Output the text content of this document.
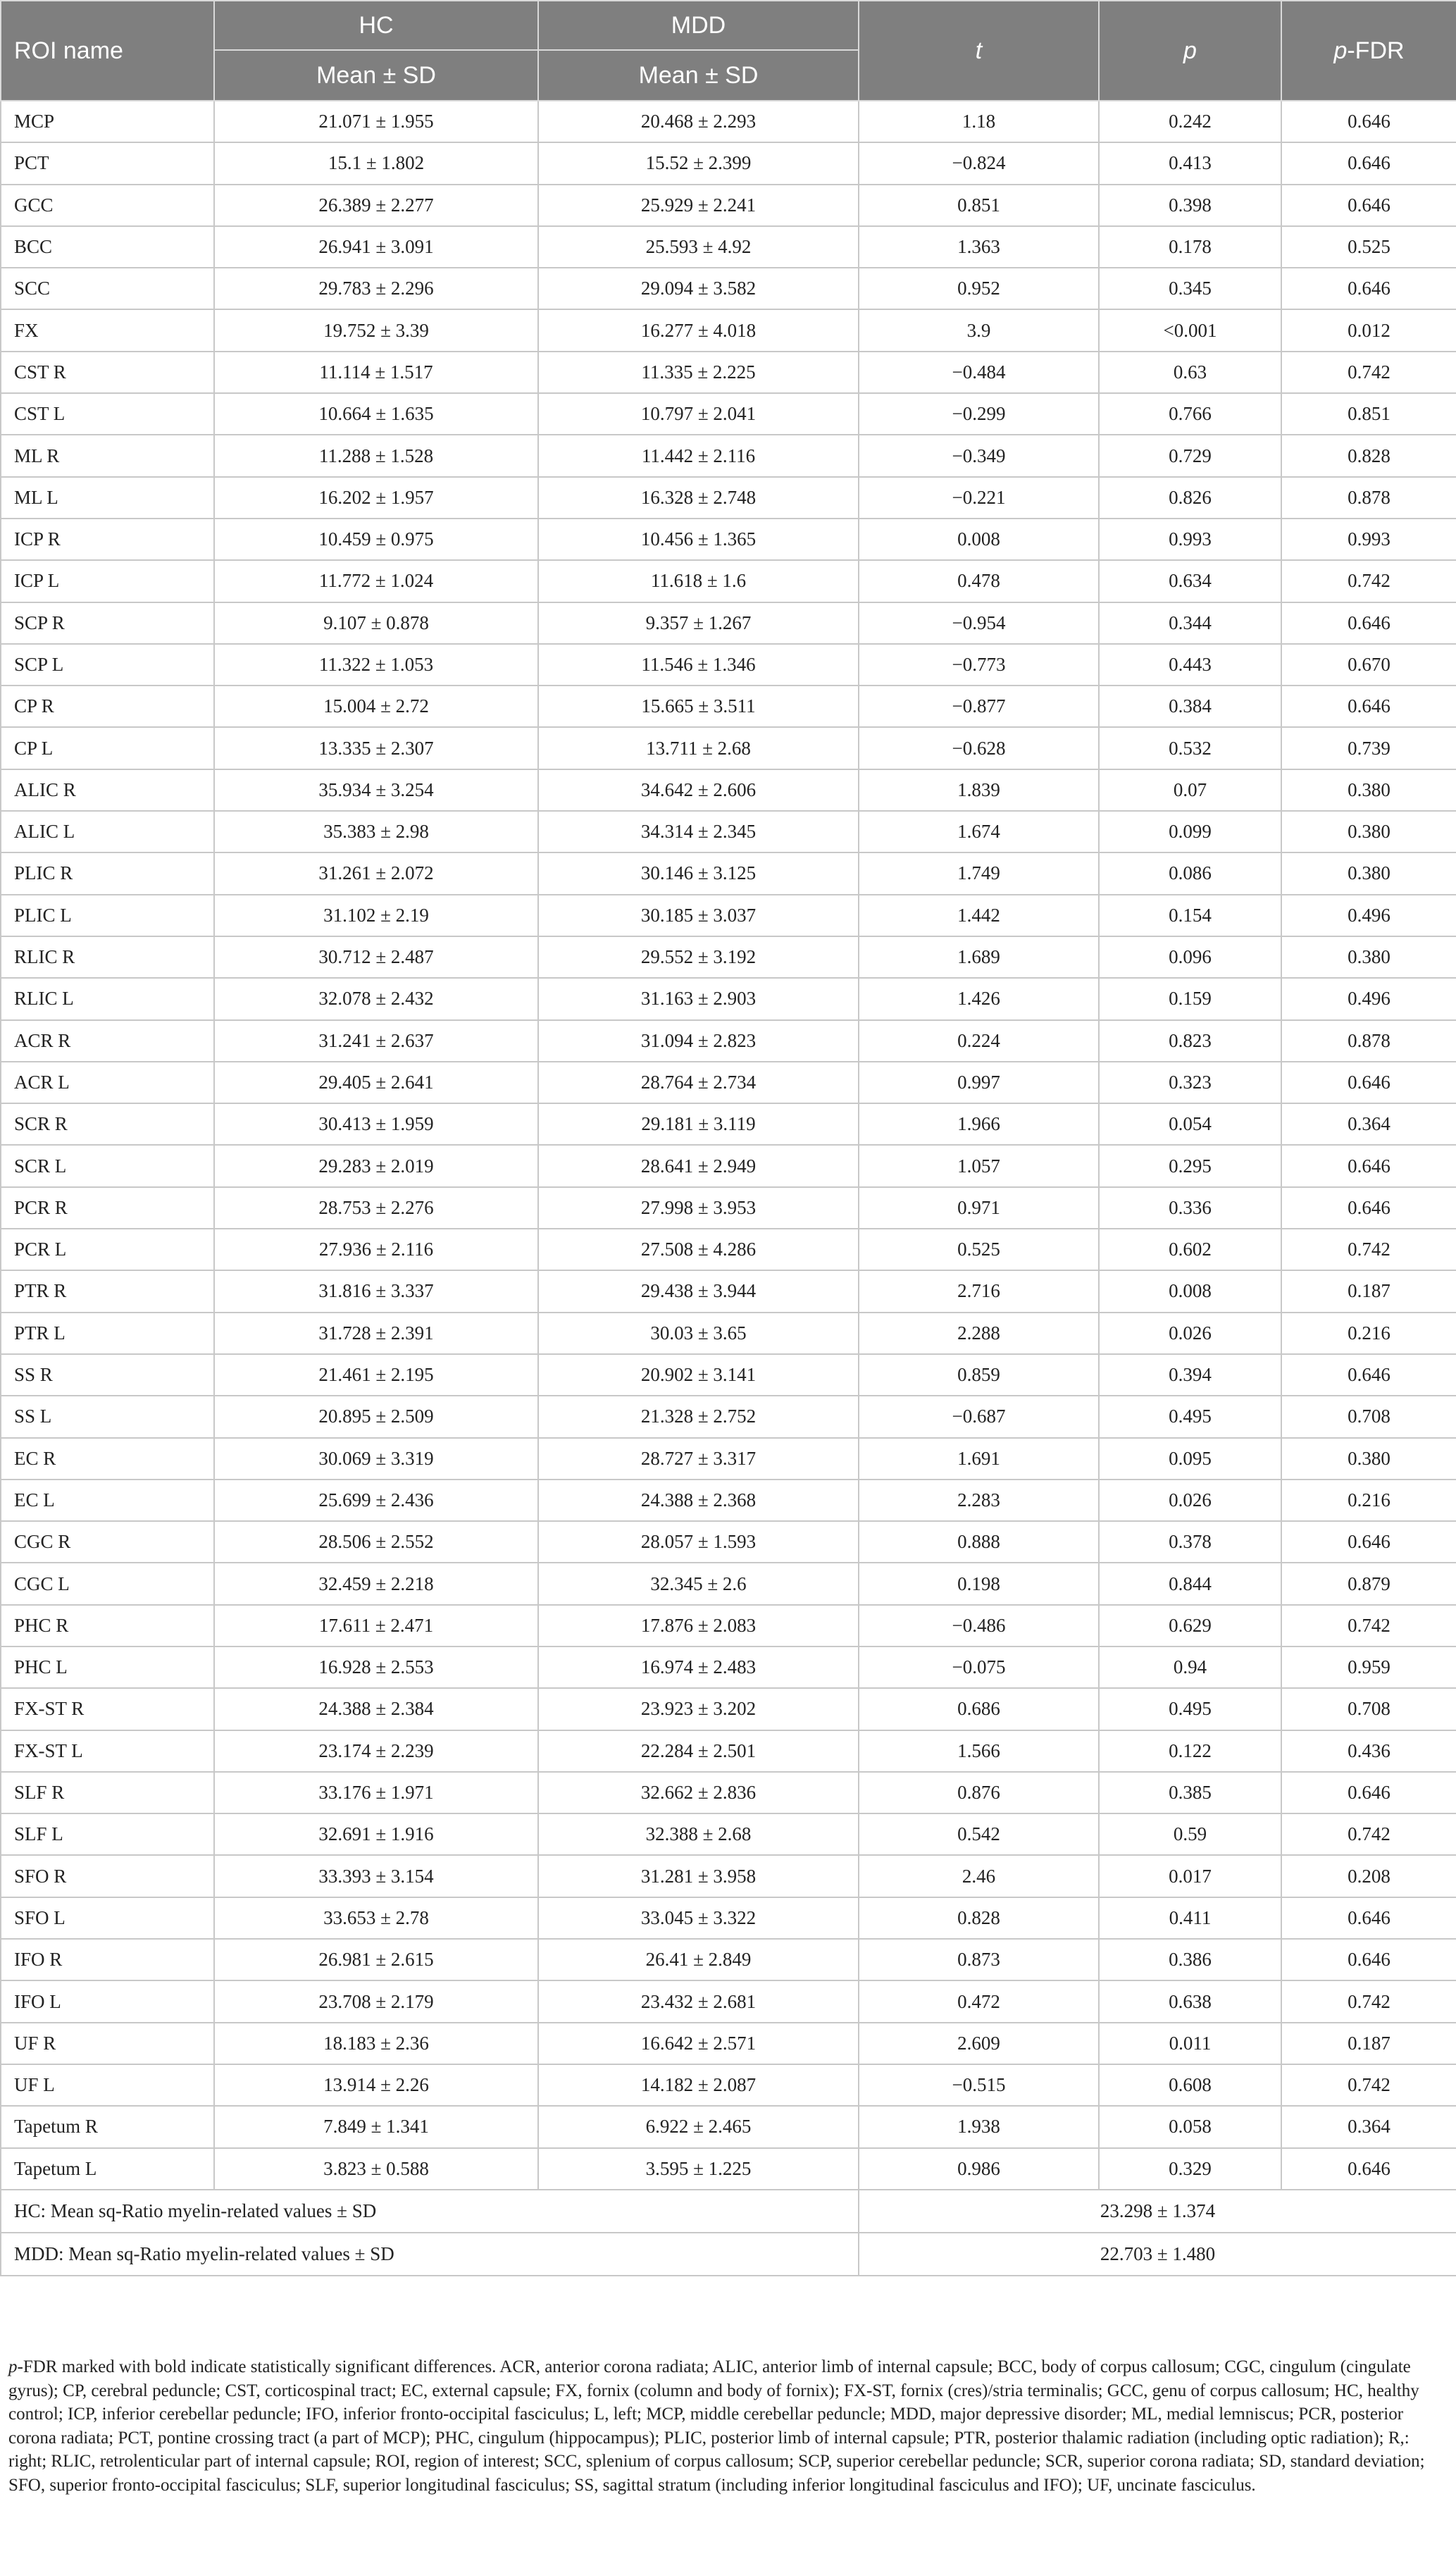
ROI name	HC	MDD	t	p	p-FDR
	Mean ± SD	Mean ± SD			
MCP	21.071 ± 1.955	20.468 ± 2.293	1.18	0.242	0.646
PCT	15.1 ± 1.802	15.52 ± 2.399	−0.824	0.413	0.646
GCC	26.389 ± 2.277	25.929 ± 2.241	0.851	0.398	0.646
BCC	26.941 ± 3.091	25.593 ± 4.92	1.363	0.178	0.525
SCC	29.783 ± 2.296	29.094 ± 3.582	0.952	0.345	0.646
FX	19.752 ± 3.39	16.277 ± 4.018	3.9	<0.001	0.012
CST R	11.114 ± 1.517	11.335 ± 2.225	−0.484	0.63	0.742
CST L	10.664 ± 1.635	10.797 ± 2.041	−0.299	0.766	0.851
ML R	11.288 ± 1.528	11.442 ± 2.116	−0.349	0.729	0.828
ML L	16.202 ± 1.957	16.328 ± 2.748	−0.221	0.826	0.878
ICP R	10.459 ± 0.975	10.456 ± 1.365	0.008	0.993	0.993
ICP L	11.772 ± 1.024	11.618 ± 1.6	0.478	0.634	0.742
SCP R	9.107 ± 0.878	9.357 ± 1.267	−0.954	0.344	0.646
SCP L	11.322 ± 1.053	11.546 ± 1.346	−0.773	0.443	0.670
CP R	15.004 ± 2.72	15.665 ± 3.511	−0.877	0.384	0.646
CP L	13.335 ± 2.307	13.711 ± 2.68	−0.628	0.532	0.739
ALIC R	35.934 ± 3.254	34.642 ± 2.606	1.839	0.07	0.380
ALIC L	35.383 ± 2.98	34.314 ± 2.345	1.674	0.099	0.380
PLIC R	31.261 ± 2.072	30.146 ± 3.125	1.749	0.086	0.380
PLIC L	31.102 ± 2.19	30.185 ± 3.037	1.442	0.154	0.496
RLIC R	30.712 ± 2.487	29.552 ± 3.192	1.689	0.096	0.380
RLIC L	32.078 ± 2.432	31.163 ± 2.903	1.426	0.159	0.496
ACR R	31.241 ± 2.637	31.094 ± 2.823	0.224	0.823	0.878
ACR L	29.405 ± 2.641	28.764 ± 2.734	0.997	0.323	0.646
SCR R	30.413 ± 1.959	29.181 ± 3.119	1.966	0.054	0.364
SCR L	29.283 ± 2.019	28.641 ± 2.949	1.057	0.295	0.646
PCR R	28.753 ± 2.276	27.998 ± 3.953	0.971	0.336	0.646
PCR L	27.936 ± 2.116	27.508 ± 4.286	0.525	0.602	0.742
PTR R	31.816 ± 3.337	29.438 ± 3.944	2.716	0.008	0.187
PTR L	31.728 ± 2.391	30.03 ± 3.65	2.288	0.026	0.216
SS R	21.461 ± 2.195	20.902 ± 3.141	0.859	0.394	0.646
SS L	20.895 ± 2.509	21.328 ± 2.752	−0.687	0.495	0.708
EC R	30.069 ± 3.319	28.727 ± 3.317	1.691	0.095	0.380
EC L	25.699 ± 2.436	24.388 ± 2.368	2.283	0.026	0.216
CGC R	28.506 ± 2.552	28.057 ± 1.593	0.888	0.378	0.646
CGC L	32.459 ± 2.218	32.345 ± 2.6	0.198	0.844	0.879
PHC R	17.611 ± 2.471	17.876 ± 2.083	−0.486	0.629	0.742
PHC L	16.928 ± 2.553	16.974 ± 2.483	−0.075	0.94	0.959
FX-ST R	24.388 ± 2.384	23.923 ± 3.202	0.686	0.495	0.708
FX-ST L	23.174 ± 2.239	22.284 ± 2.501	1.566	0.122	0.436
SLF R	33.176 ± 1.971	32.662 ± 2.836	0.876	0.385	0.646
SLF L	32.691 ± 1.916	32.388 ± 2.68	0.542	0.59	0.742
SFO R	33.393 ± 3.154	31.281 ± 3.958	2.46	0.017	0.208
SFO L	33.653 ± 2.78	33.045 ± 3.322	0.828	0.411	0.646
IFO R	26.981 ± 2.615	26.41 ± 2.849	0.873	0.386	0.646
IFO L	23.708 ± 2.179	23.432 ± 2.681	0.472	0.638	0.742
UF R	18.183 ± 2.36	16.642 ± 2.571	2.609	0.011	0.187
UF L	13.914 ± 2.26	14.182 ± 2.087	−0.515	0.608	0.742
Tapetum R	7.849 ± 1.341	6.922 ± 2.465	1.938	0.058	0.364
Tapetum L	3.823 ± 0.588	3.595 ± 1.225	0.986	0.329	0.646
HC: Mean sq-Ratio myelin-related values ± SD			23.298 ± 1.374		
MDD: Mean sq-Ratio myelin-related values ± SD			22.703 ± 1.480		

p-FDR marked with bold indicate statistically significant differences. ACR, anterior corona radiata; ALIC, anterior limb of internal capsule; BCC, body of corpus callosum; CGC, cingulum (cingulate gyrus); CP, cerebral peduncle; CST, corticospinal tract; EC, external capsule; FX, fornix (column and body of fornix); FX-ST, fornix (cres)/stria terminalis; GCC, genu of corpus callosum; HC, healthy control; ICP, inferior cerebellar peduncle; IFO, inferior fronto-occipital fasciculus; L, left; MCP, middle cerebellar peduncle; MDD, major depressive disorder; ML, medial lemniscus; PCR, posterior corona radiata; PCT, pontine crossing tract (a part of MCP); PHC, cingulum (hippocampus); PLIC, posterior limb of internal capsule; PTR, posterior thalamic radiation (including optic radiation); R,: right; RLIC, retrolenticular part of internal capsule; ROI, region of interest; SCC, splenium of corpus callosum; SCP, superior cerebellar peduncle; SCR, superior corona radiata; SD, standard deviation; SFO, superior fronto-occipital fasciculus; SLF, superior longitudinal fasciculus; SS, sagittal stratum (including inferior longitudinal fasciculus and IFO); UF, uncinate fasciculus.
